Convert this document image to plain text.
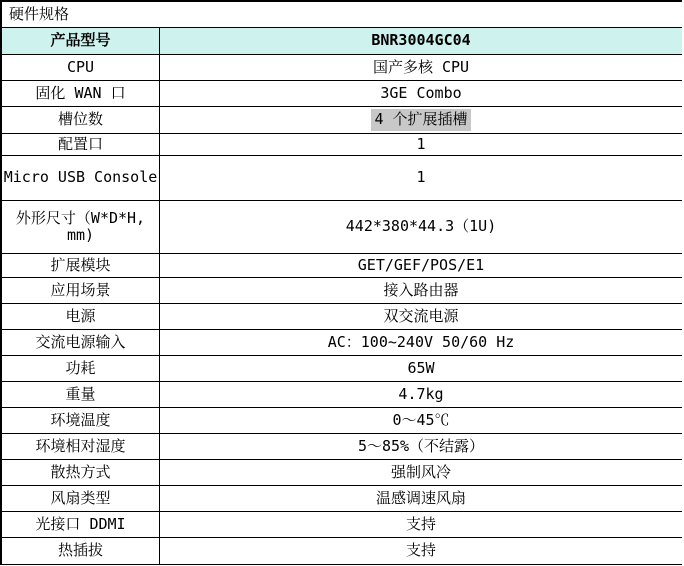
硬件规格
产品型号	BNR3004GC04
CPU	国产多核 CPU
固化 WAN 口	3GE Combo
槽位数	4 个扩展插槽
配置口	1
Micro USB Console	1
外形尺寸（W*D*H,
mm)	442*380*44.3（1U)
扩展模块	GET/GEF/POS/E1
应用场景	接入路由器
电源	双交流电源
交流电源输入	AC：100~240V 50/60 Hz
功耗	65W
重量	4.7kg
环境温度	0～45℃
环境相对湿度	5～85%（不结露）
散热方式	强制风冷
风扇类型	温感调速风扇
光接口 DDMI	支持
热插拔	支持
